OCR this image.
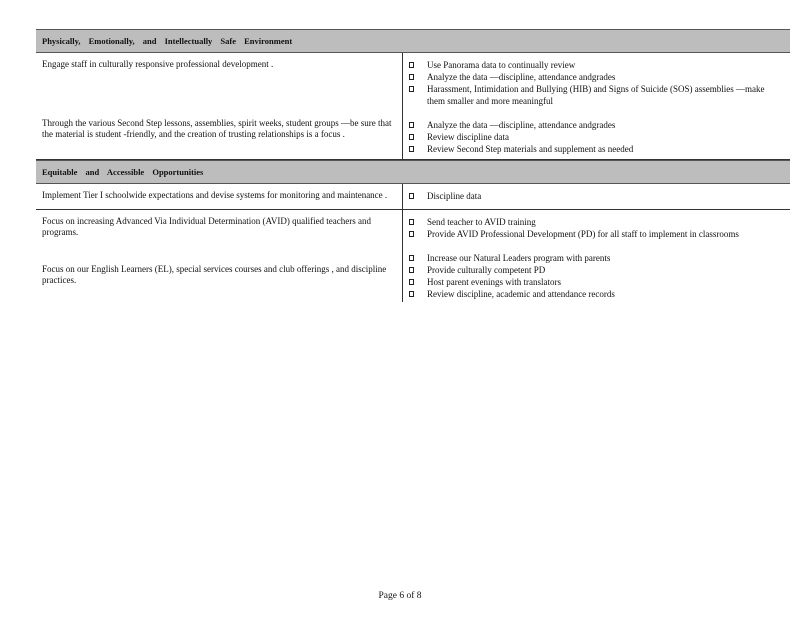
Physically, Emotionally, and Intellectually Safe Environment

Engage staff in culturally responsive professional development .

Through the various Second Step lessons, assemblies, spirit weeks, student groups —be sure that the material is student -friendly, and the creation of trusting relationships is a focus .

Use Panorama data to continually review
Analyze the data —discipline, attendance andgrades
Harassment, Intimidation and Bullying (HIB) and Signs of Suicide (SOS) assemblies —make them smaller and more meaningful
Analyze the data —discipline, attendance andgrades
Review discipline data
Review Second Step materials and supplement as needed
Equitable and Accessible Opportunities

Implement Tier I schoolwide expectations and devise systems for monitoring and maintenance .	Discipline data

Focus on increasing Advanced Via Individual Determination (AVID) qualified teachers and programs.

Focus on our English Learners (EL), special services courses and club offerings , and discipline practices.

Send teacher to AVID training
Provide AVID Professional Development (PD) for all staff to implement in classrooms
Increase our Natural Leaders program with parents
Provide culturally competent PD
Host parent evenings with translators
Review discipline, academic and attendance records
Page 6 of 8
